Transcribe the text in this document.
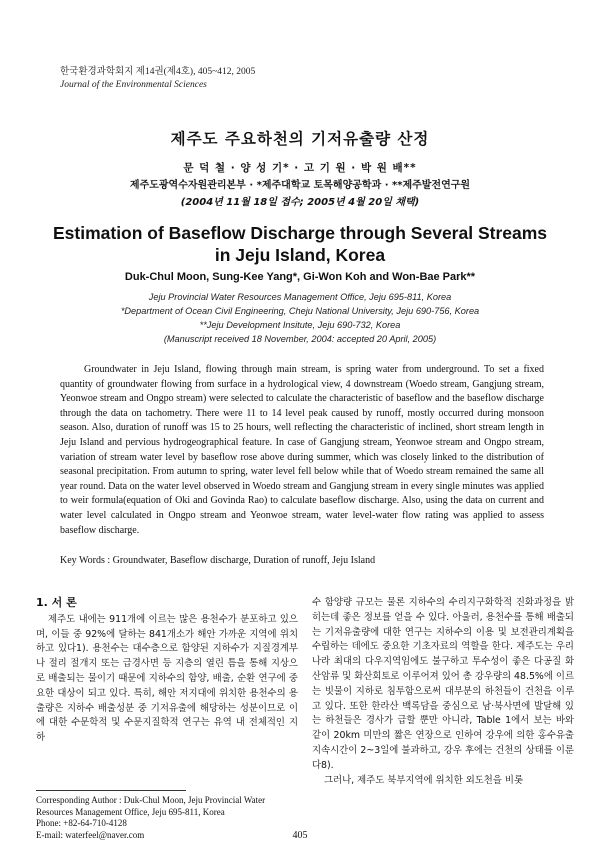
한국환경과학회지 제14권(제4호), 405~412, 2005
Journal of the Environmental Sciences
제주도 주요하천의 기저유출량 산정
문 덕 철 · 양 성 기* · 고 기 원 · 박 원 배**
제주도광역수자원관리본부 · *제주대학교 토목해양공학과 · **제주발전연구원
(2004년 11월 18일 접수; 2005년 4월 20일 채택)
Estimation of Baseflow Discharge through Several Streams
in Jeju Island, Korea
Duk-Chul Moon, Sung-Kee Yang*, Gi-Won Koh and Won-Bae Park**
Jeju Provincial Water Resources Management Office, Jeju 695-811, Korea
*Department of Ocean Civil Engineering, Cheju National University, Jeju 690-756, Korea
**Jeju Development Insitute, Jeju 690-732, Korea
(Manuscript received 18 November, 2004: accepted 20 April, 2005)
Groundwater in Jeju Island, flowing through main stream, is spring water from underground. To set a fixed quantity of groundwater flowing from surface in a hydrological view, 4 downstream (Woedo stream, Gangjung stream, Yeonwoe stream and Ongpo stream) were selected to calculate the characteristic of baseflow and the baseflow discharge through the data on tachometry. There were 11 to 14 level peak caused by runoff, mostly occurred during monsoon season. Also, duration of runoff was 15 to 25 hours, well reflecting the characteristic of inclined, short stream length in Jeju Island and pervious hydrogeographical feature. In case of Gangjung stream, Yeonwoe stream and Ongpo stream, variation of stream water level by baseflow rose above during summer, which was closely linked to the distribution of seasonal precipitation. From autumn to spring, water level fell below while that of Woedo stream remained the same all year round. Data on the water level observed in Woedo stream and Gangjung stream in every single minutes was applied to weir formula(equation of Oki and Govinda Rao) to calculate baseflow discharge. Also, using the data on current and water level calculated in Ongpo stream and Yeonwoe stream, water level-water flow rating was applied to assess baseflow discharge.
Key Words : Groundwater, Baseflow discharge, Duration of runoff, Jeju Island
1. 서 론

제주도 내에는 911개에 이르는 많은 용천수가 분포하고 있으며, 이들 중 92%에 달하는 841개소가 해안 가까운 지역에 위치하고 있다1). 용천수는 대수층으로 함양된 지하수가 지질경계부나 절리 절개지 또는 급경사면 등 지층의 열린 틈을 통해 지상으로 배출되는 물이기 때문에 지하수의 함양, 배출, 순환 연구에 중요한 대상이 되고 있다. 특히, 해안 저지대에 위치한 용천수의 용출량은 지하수 배출성분 중 기저유출에 해당하는 성분이므로 이에 대한 수문학적 및 수문지질학적 연구는 유역 내 전체적인 지하

수 함양량 규모는 물론 지하수의 수리지구화학적 진화과정을 밝히는데 좋은 정보를 얻을 수 있다. 아울러, 용천수를 통해 배출되는 기저유출량에 대한 연구는 지하수의 이용 및 보전관리계획을 수립하는 데에도 중요한 기초자료의 역할을 한다. 제주도는 우리나라 최대의 다우지역임에도 불구하고 투수성이 좋은 다공질 화산암류 및 화산회토로 이루어져 있어 총 강우량의 48.5%에 이르는 빗물이 지하로 침투함으로써 대부분의 하천들이 건천을 이루고 있다. 또한 한라산 백록담을 중심으로 남·북사면에 발달해 있는 하천들은 경사가 급할 뿐만 아니라, Table 1에서 보는 바와 같이 20km 미만의 짧은 연장으로 인하여 강우에 의한 홍수유출 지속시간이 2~3일에 불과하고, 강우 후에는 건천의 상태를 이룬다8).

그러나, 제주도 북부지역에 위치한 외도천을 비롯

Corresponding Author : Duk-Chul Moon, Jeju Provincial Water
Resources Management Office, Jeju 695-811, Korea
Phone: +82-64-710-4128
E-mail: waterfeel@naver.com	405
